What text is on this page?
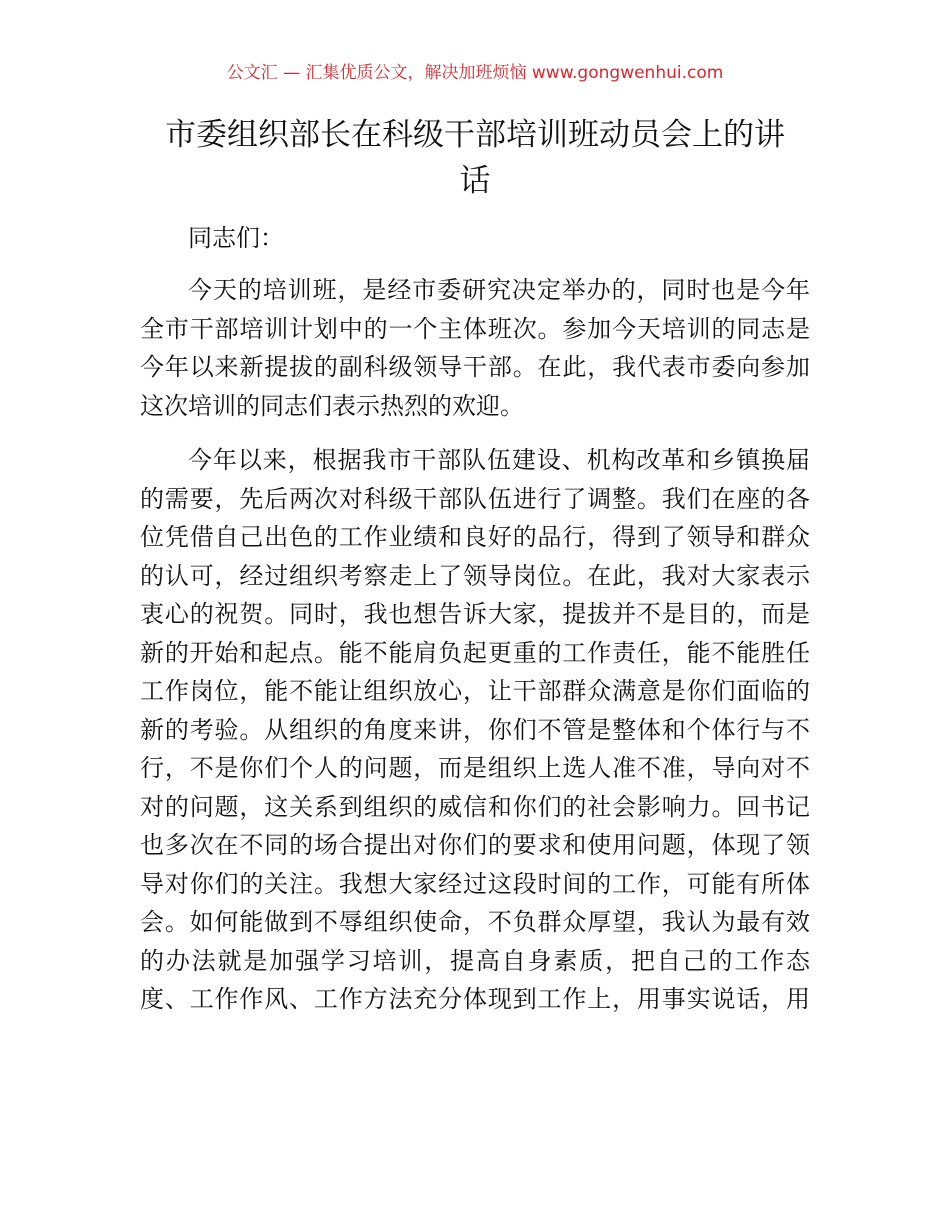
公文汇 — 汇集优质公文，解决加班烦恼 www.gongwenhui.com
市委组织部长在科级干部培训班动员会上的讲
话
同志们：
今天的培训班，是经市委研究决定举办的，同时也是今年
全市干部培训计划中的一个主体班次。参加今天培训的同志是
今年以来新提拔的副科级领导干部。在此，我代表市委向参加
这次培训的同志们表示热烈的欢迎。
今年以来，根据我市干部队伍建设、机构改革和乡镇换届
的需要，先后两次对科级干部队伍进行了调整。我们在座的各
位凭借自己出色的工作业绩和良好的品行，得到了领导和群众
的认可，经过组织考察走上了领导岗位。在此，我对大家表示
衷心的祝贺。同时，我也想告诉大家，提拔并不是目的，而是
新的开始和起点。能不能肩负起更重的工作责任，能不能胜任
工作岗位，能不能让组织放心，让干部群众满意是你们面临的
新的考验。从组织的角度来讲，你们不管是整体和个体行与不
行，不是你们个人的问题，而是组织上选人准不准，导向对不
对的问题，这关系到组织的威信和你们的社会影响力。回书记
也多次在不同的场合提出对你们的要求和使用问题，体现了领
导对你们的关注。我想大家经过这段时间的工作，可能有所体
会。如何能做到不辱组织使命，不负群众厚望，我认为最有效
的办法就是加强学习培训，提高自身素质，把自己的工作态
度、工作作风、工作方法充分体现到工作上，用事实说话，用
